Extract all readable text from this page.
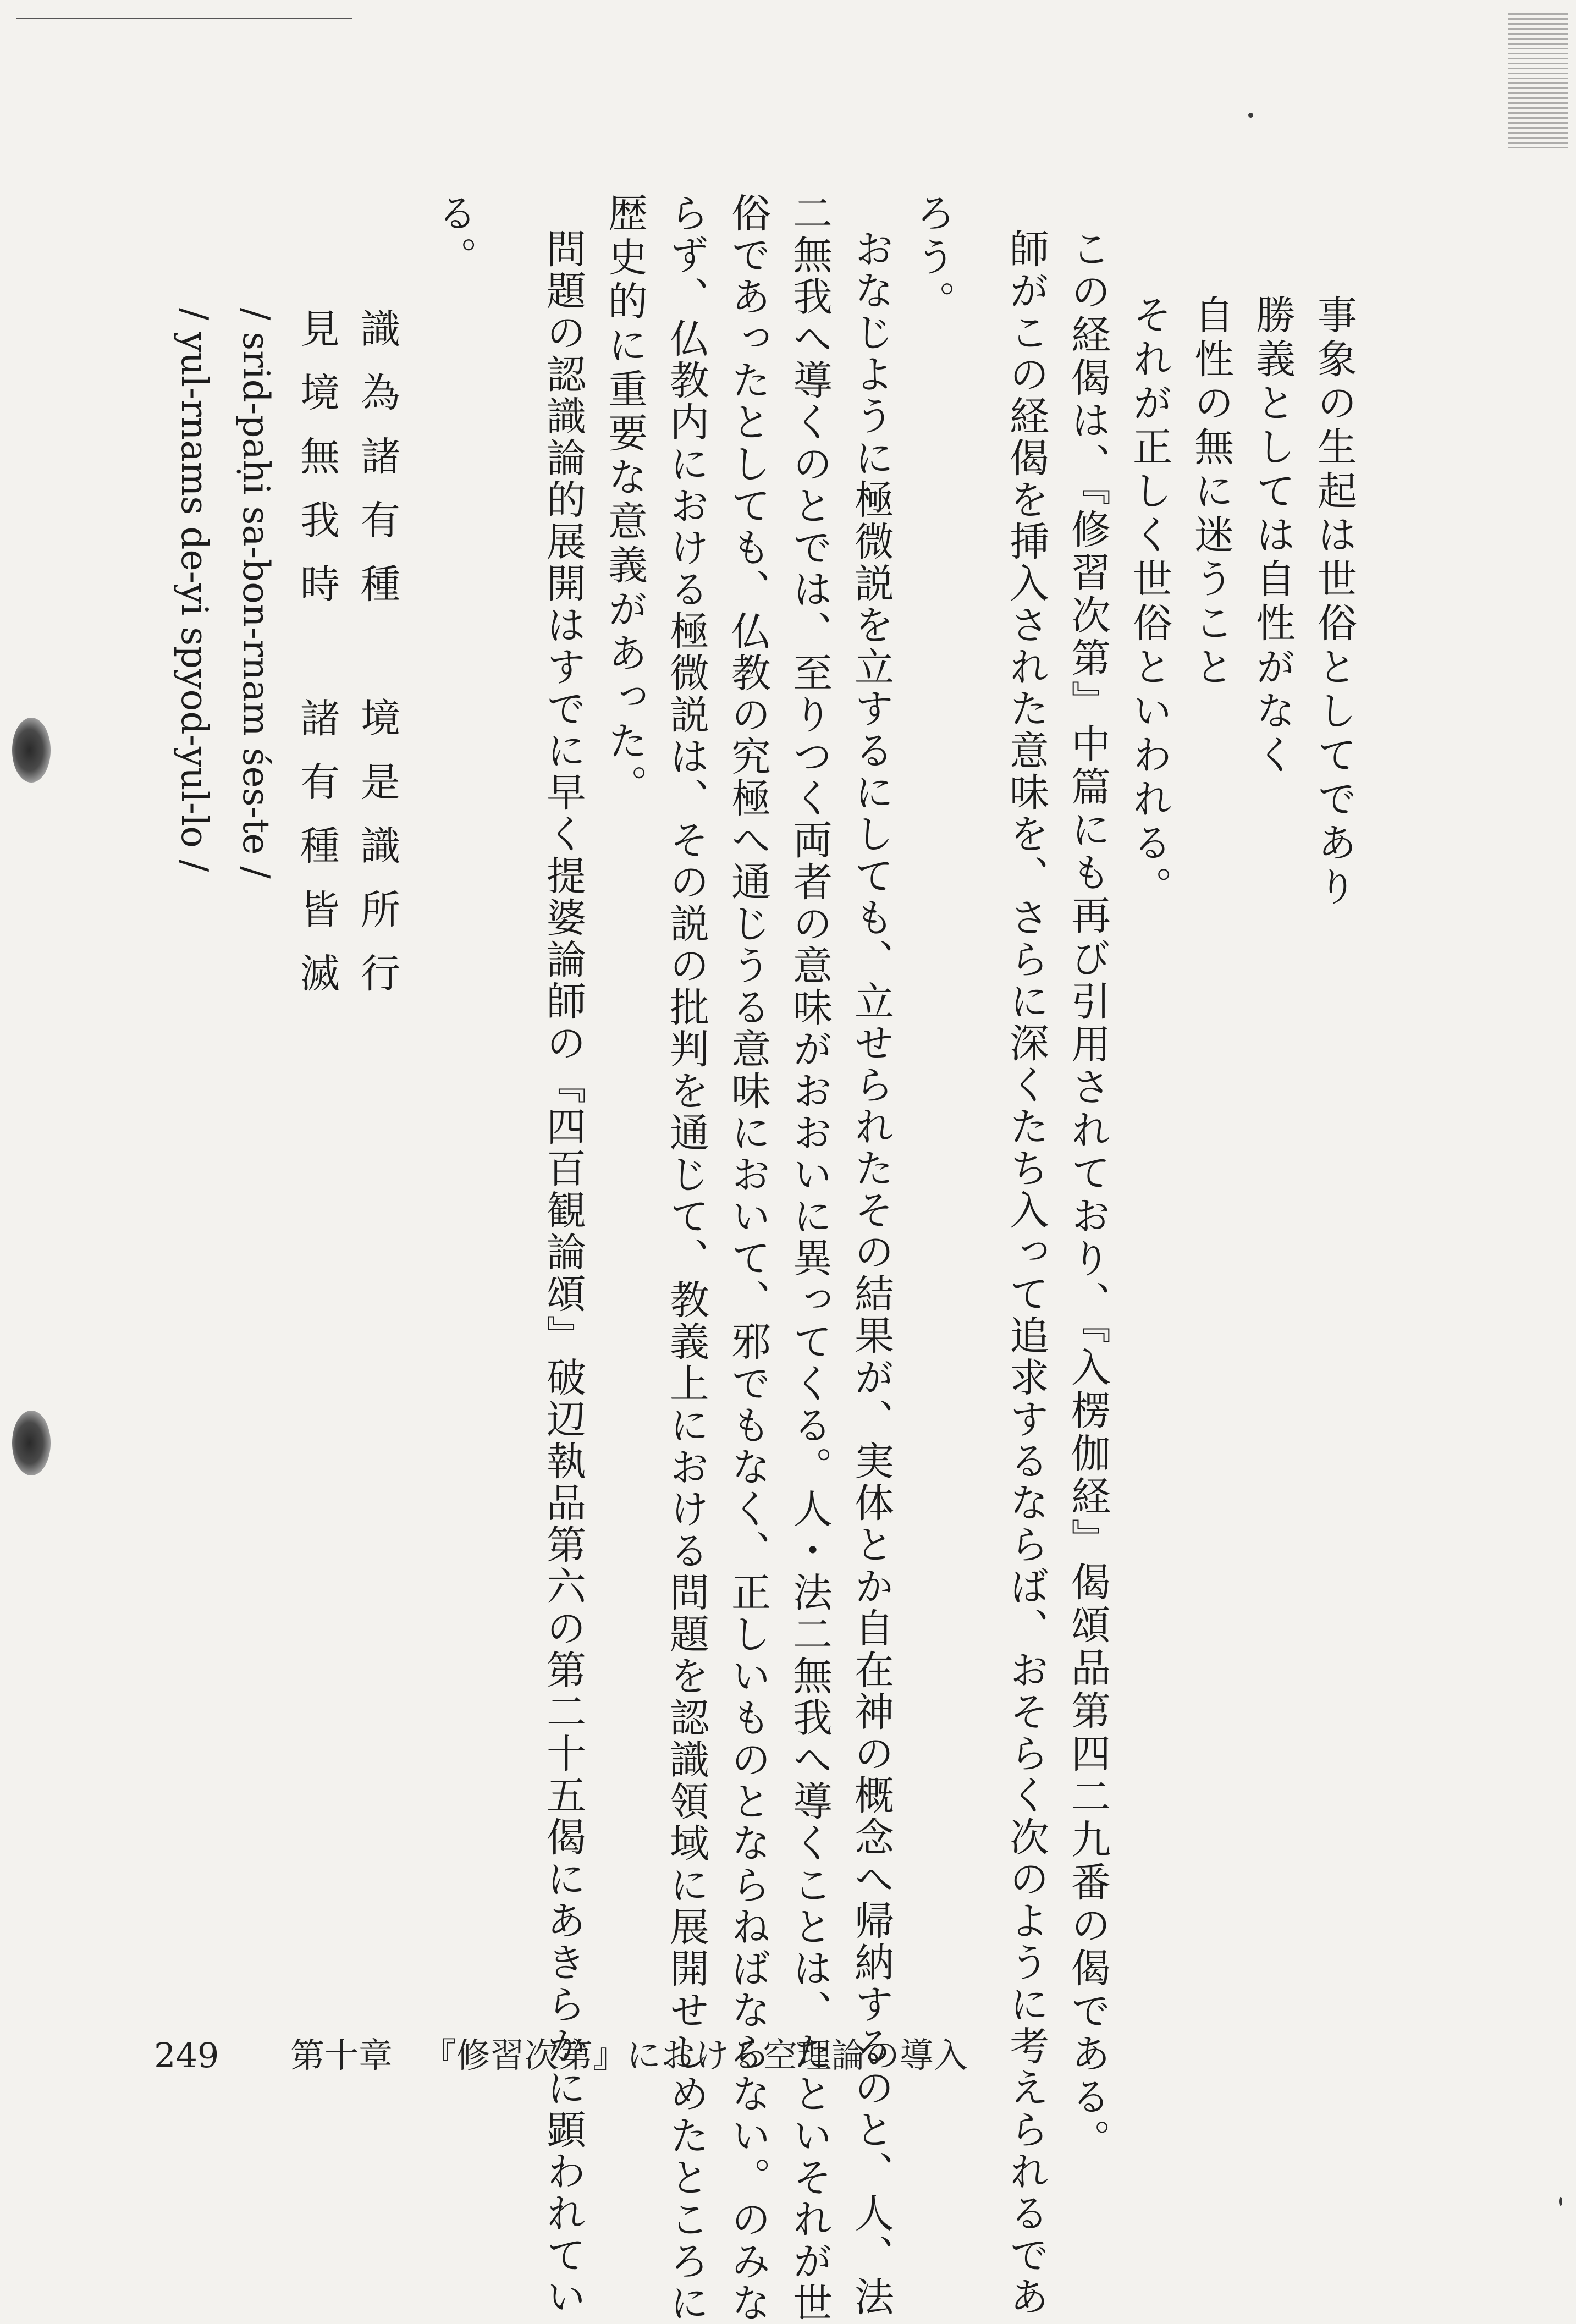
事象の生起は世俗としてであり
勝義としては自性がなく
自性の無に迷うこと
それが正しく世俗といわれる。
この経偈は、『修習次第』中篇にも再び引用されており、『入楞伽経』偈頌品第四二九番の偈である。
師がこの経偈を挿入された意味を、さらに深くたち入って追求するならば、おそらく次のように考えられるであ
ろう。
おなじように極微説を立するにしても、立せられたその結果が、実体とか自在神の概念へ帰納するのと、人、法
二無我へ導くのとでは、至りつく両者の意味がおおいに異ってくる。人・法二無我へ導くことは、たといそれが世
俗であったとしても、仏教の究極へ通じうる意味において、邪でもなく、正しいものとならねばならない。のみな
らず、仏教内における極微説は、その説の批判を通じて、教義上における問題を認識領域に展開せしめたところに
歴史的に重要な意義があった。
問題の認識論的展開はすでに早く提婆論師の『四百観論頌』破辺執品第六の第二十五偈にあきらかに顕われてい
る。
識為諸有種 境是識所行
見境無我時 諸有種皆滅
/ srid-paḥi sa-bon-rnam śes-te /
/ yul-rnams de-yi spyod-yul-lo /
249 第十章 『修習次第』における空理論の導入
